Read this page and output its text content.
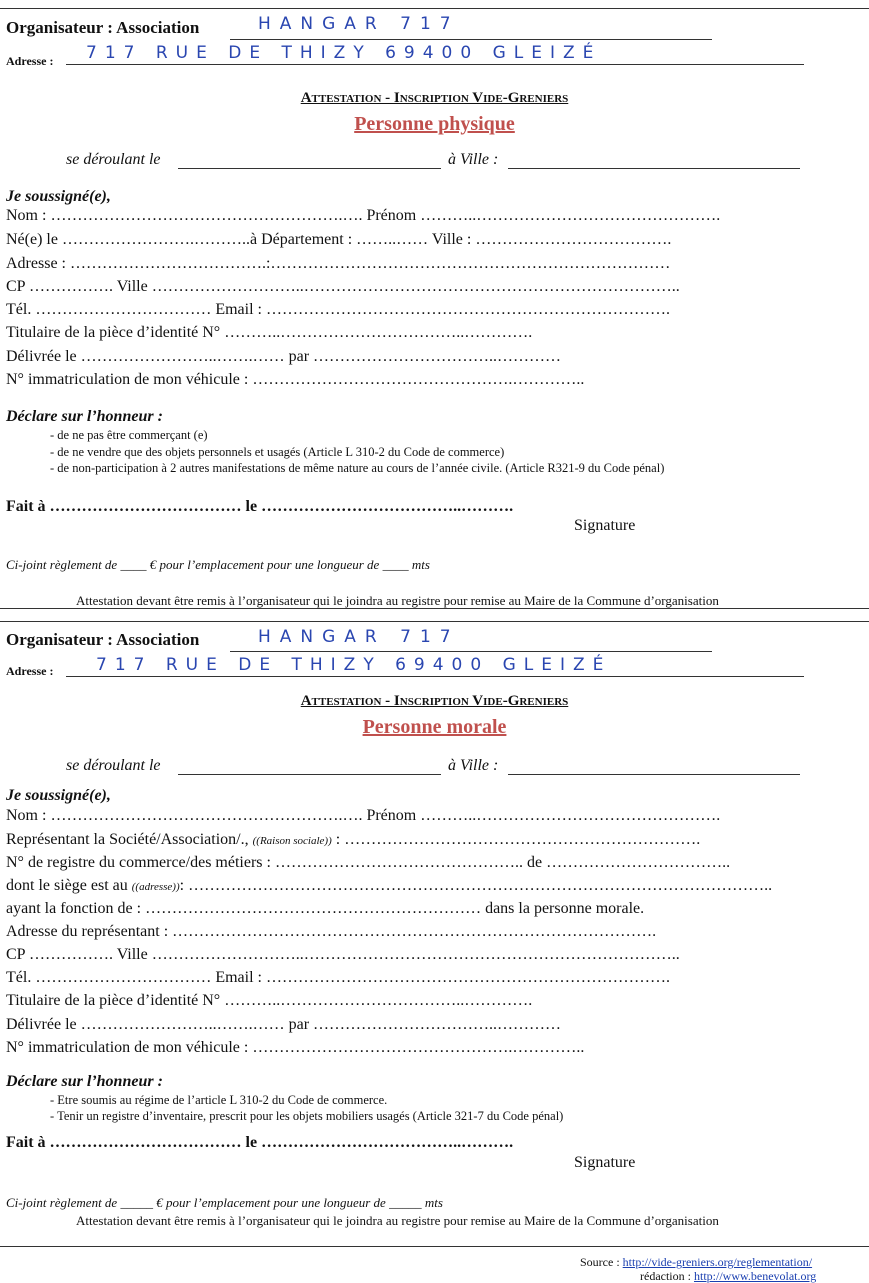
Organisateur : Association	HANGAR 717
Adresse : 717 RUE DE THIZY 69400 GLEIZÉ
Attestation - Inscription Vide-Greniers
Personne physique
se déroulant le	à Ville :
Je soussigné(e),
Nom : ……………………………………………….…. Prénom ………..……………………………………….
Né(e) le …………………….………..à Département : ……..…… Ville : ……………………………….
Adresse : ……………………………….:…………………………………………………………………
CP ……………. Ville ………………………..……………………………………………………………..
Tél. …………………………… Email : ………………………………………………………………….
Titulaire de la pièce d’identité N° ………..……………………………..………….
Délivrée le ……………………..…….…… par ……………………………..…………
N° immatriculation de mon véhicule : ………………………………………….…………..
Déclare sur l’honneur :
- de ne pas être commerçant (e)
- de ne vendre que des objets personnels et usagés (Article L 310-2 du Code de commerce)
- de non-participation à 2 autres manifestations de même nature au cours de l’année civile. (Article R321-9 du Code pénal)
Fait à ……………………………… le ………………………………..……….
Signature
Ci-joint règlement de ____ € pour l’emplacement pour une longueur de ____ mts
Attestation devant être remis à l’organisateur qui le joindra au registre pour remise au Maire de la Commune d’organisation
Organisateur : Association	HANGAR 717
Adresse :	717 RUE DE THIZY 69400 GLEIZÉ
Attestation - Inscription Vide-Greniers
Personne morale
se déroulant le	à Ville :
Je soussigné(e),
Nom : ……………………………………………….…. Prénom ………..……………………………………….
Représentant la Société/Association/., ((Raison sociale)) : ………………………………………………………….
N° de registre du commerce/des métiers : ……………………………………….. de ……………………………..
dont le siège est au ((adresse)): ………………………………………………………………………………………………..
ayant la fonction de : ……………………………………………………… dans la personne morale.
Adresse du représentant : ……………………………………………………………………………….
CP ……………. Ville ………………………..……………………………………………………………..
Tél. …………………………… Email : ………………………………………………………………….
Titulaire de la pièce d’identité N° ………..……………………………..………….
Délivrée le ……………………..…….…… par ……………………………..…………
N° immatriculation de mon véhicule : ………………………………………….…………..
Déclare sur l’honneur :
- Etre soumis au régime de l’article L 310-2 du Code de commerce.
- Tenir un registre d’inventaire, prescrit pour les objets mobiliers usagés (Article 321-7 du Code pénal)
Fait à ……………………………… le ………………………………..……….
Signature
Ci-joint règlement de _____ € pour l’emplacement pour une longueur de _____ mts
Attestation devant être remis à l’organisateur qui le joindra au registre pour remise au Maire de la Commune d’organisation
Source : http://vide-greniers.org/reglementation/
rédaction : http://www.benevolat.org
